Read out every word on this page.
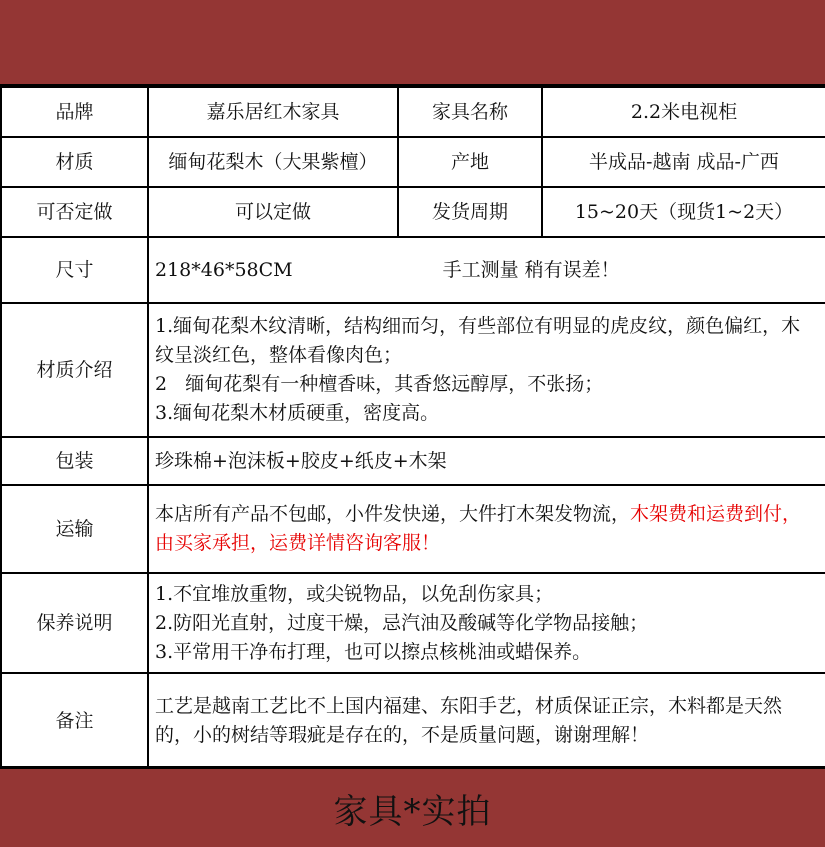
品牌	嘉乐居红木家具	家具名称	2.2米电视柜
材质	缅甸花梨木（大果紫檀）	产地	半成品-越南 成品-广西
可否定做	可以定做	发货周期	15~20天（现货1~2天）
尺寸	218*46*58CM 手工测量 稍有误差！		
材质介绍	1.缅甸花梨木纹清晰，结构细而匀，有些部位有明显的虎皮纹，颜色偏红，木纹呈淡红色，整体看像肉色；
2   缅甸花梨有一种檀香味，其香悠远醇厚，不张扬；
3.缅甸花梨木材质硬重，密度高。		

包装	珍珠棉+泡沫板+胶皮+纸皮+木架		
运输	本店所有产品不包邮，小件发快递，大件打木架发物流，木架费和运费到付，由买家承担，运费详情咨询客服！		
保养说明	1.不宜堆放重物，或尖锐物品，以免刮伤家具；
2.防阳光直射，过度干燥，忌汽油及酸碱等化学物品接触；
3.平常用干净布打理，也可以擦点核桃油或蜡保养。		

备注	工艺是越南工艺比不上国内福建、东阳手艺，材质保证正宗，木料都是天然的，小的树结等瑕疵是存在的，不是质量问题，谢谢理解！		
家具*实拍
